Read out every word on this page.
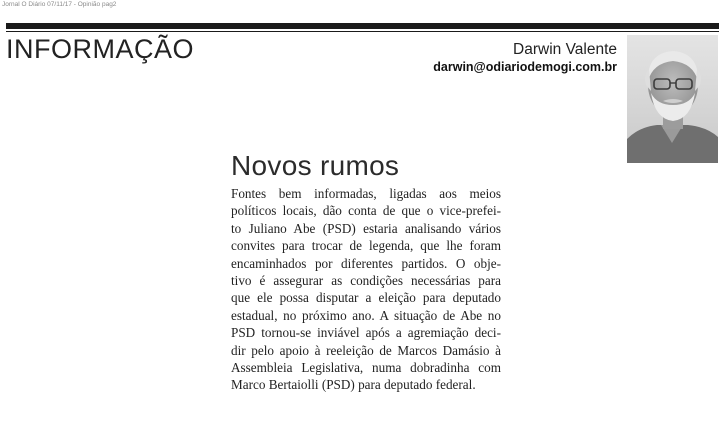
Jornal O Diário 07/11/17 - Opinião pag2
INFORMAÇÃO	Darwin Valente
darwin@odiariodemogi.com.br
Novos rumos
Fontes bem informadas, ligadas aos meios
políticos locais, dão conta de que o vice-prefei-
to Juliano Abe (PSD) estaria analisando vários
convites para trocar de legenda, que lhe foram
encaminhados por diferentes partidos. O obje-
tivo é assegurar as condições necessárias para
que ele possa disputar a eleição para deputado
estadual, no próximo ano. A situação de Abe no
PSD tornou-se inviável após a agremiação deci-
dir pelo apoio à reeleição de Marcos Damásio à
Assembleia Legislativa, numa dobradinha com
Marco Bertaiolli (PSD) para deputado federal.
